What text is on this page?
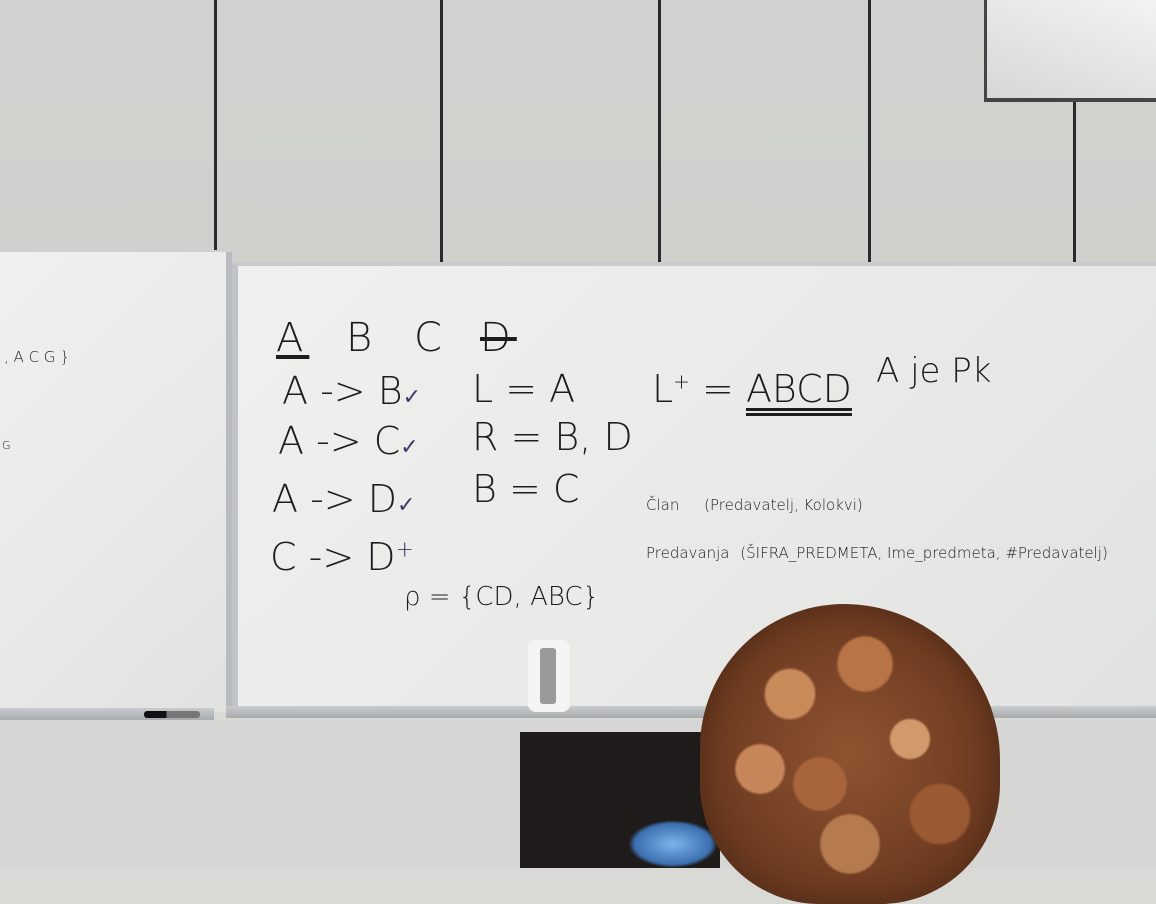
, A C G }
G
A B C D
A -> B✓
A -> C✓
A -> D✓
C -> D+
L = A
R = B, D
B = C
L+ = ABCD A je Pk
ρ = {CD, ABC}
Član (Predavatelj, Kolokvi)
Predavanja (ŠIFRA_PREDMETA, Ime_predmeta, #Predavatelj)
